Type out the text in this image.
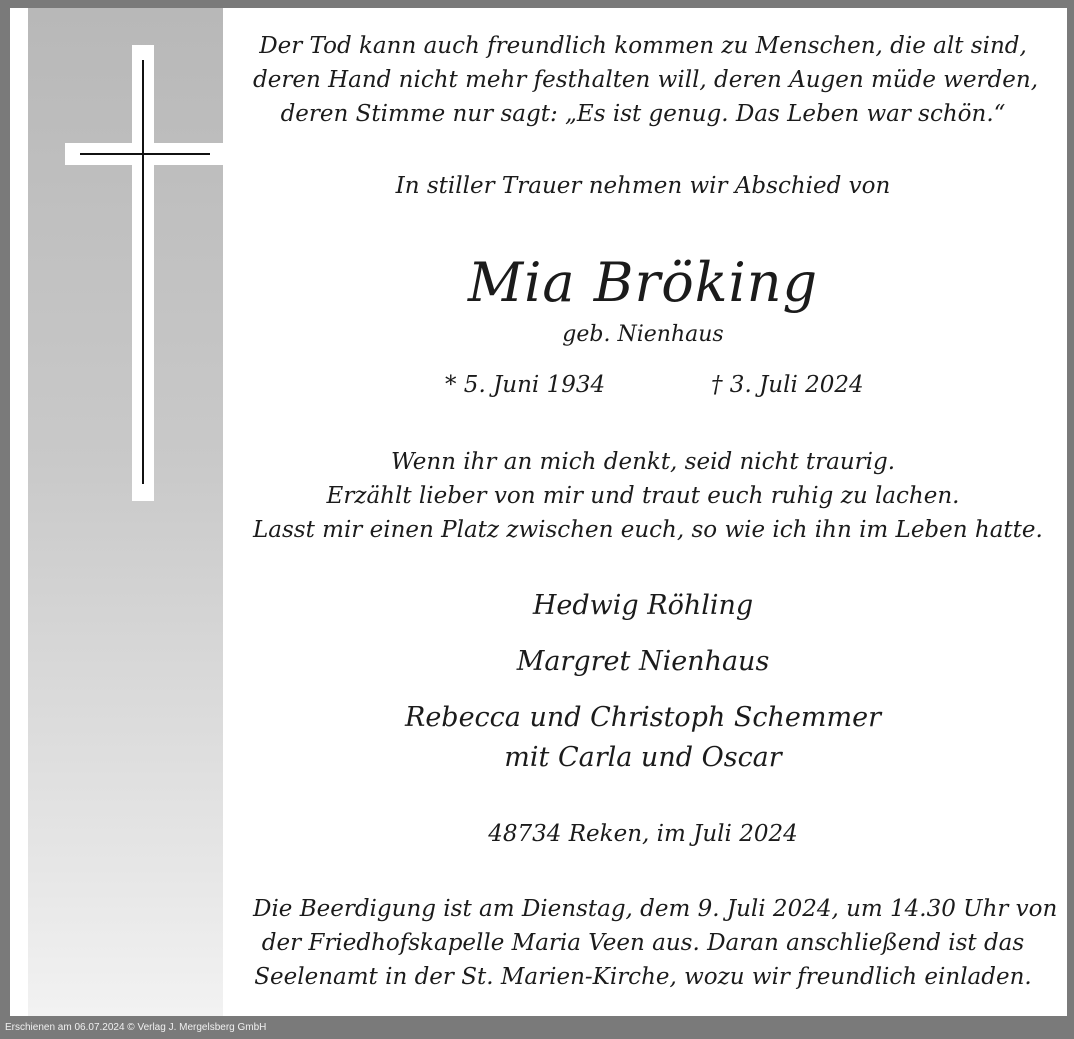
Der Tod kann auch freundlich kommen zu Menschen, die alt sind,
deren Hand nicht mehr festhalten will, deren Augen müde werden,
deren Stimme nur sagt: „Es ist genug. Das Leben war schön.“
In stiller Trauer nehmen wir Abschied von
Mia Bröking
geb. Nienhaus
* 5. Juni 1934	† 3. Juli 2024
Wenn ihr an mich denkt, seid nicht traurig.
Erzählt lieber von mir und traut euch ruhig zu lachen.
Lasst mir einen Platz zwischen euch, so wie ich ihn im Leben hatte.
Hedwig Röhling
Margret Nienhaus
Rebecca und Christoph Schemmer
mit Carla und Oscar
48734 Reken, im Juli 2024
Die Beerdigung ist am Dienstag, dem 9. Juli 2024, um 14.30 Uhr von
der Friedhofskapelle Maria Veen aus. Daran anschließend ist das
Seelenamt in der St. Marien-Kirche, wozu wir freundlich einladen.
Erschienen am 06.07.2024 © Verlag J. Mergelsberg GmbH
